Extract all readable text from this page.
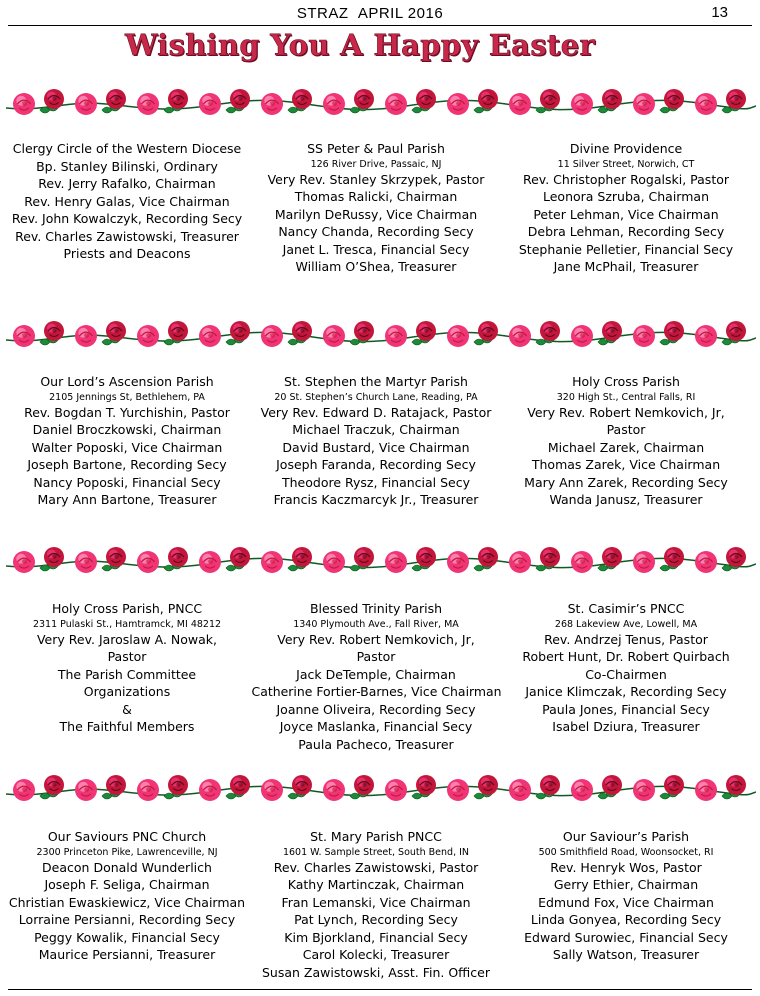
STRAZ APRIL 2016	13
Wishing You A Happy Easter
Clergy Circle of the Western Diocese
Bp. Stanley Bilinski, Ordinary
Rev. Jerry Rafalko, Chairman
Rev. Henry Galas, Vice Chairman
Rev. John Kowalczyk, Recording Secy
Rev. Charles Zawistowski, Treasurer
Priests and Deacons
SS Peter & Paul Parish
126 River Drive, Passaic, NJ
Very Rev. Stanley Skrzypek, Pastor
Thomas Ralicki, Chairman
Marilyn DeRussy, Vice Chairman
Nancy Chanda, Recording Secy
Janet L. Tresca, Financial Secy
William O’Shea, Treasurer
Divine Providence
11 Silver Street, Norwich, CT
Rev. Christopher Rogalski, Pastor
Leonora Szruba, Chairman
Peter Lehman, Vice Chairman
Debra Lehman, Recording Secy
Stephanie Pelletier, Financial Secy
Jane McPhail, Treasurer
Our Lord’s Ascension Parish
2105 Jennings St, Bethlehem, PA
Rev. Bogdan T. Yurchishin, Pastor
Daniel Broczkowski, Chairman
Walter Poposki, Vice Chairman
Joseph Bartone, Recording Secy
Nancy Poposki, Financial Secy
Mary Ann Bartone, Treasurer
St. Stephen the Martyr Parish
20 St. Stephen’s Church Lane, Reading, PA
Very Rev. Edward D. Ratajack, Pastor
Michael Traczuk, Chairman
David Bustard, Vice Chairman
Joseph Faranda, Recording Secy
Theodore Rysz, Financial Secy
Francis Kaczmarcyk Jr., Treasurer
Holy Cross Parish
320 High St., Central Falls, RI
Very Rev. Robert Nemkovich, Jr,
Pastor
Michael Zarek, Chairman
Thomas Zarek, Vice Chairman
Mary Ann Zarek, Recording Secy
Wanda Janusz, Treasurer
Holy Cross Parish, PNCC
2311 Pulaski St., Hamtramck, MI 48212
Very Rev. Jaroslaw A. Nowak,
Pastor
The Parish Committee
Organizations
&
The Faithful Members
Blessed Trinity Parish
1340 Plymouth Ave., Fall River, MA
Very Rev. Robert Nemkovich, Jr,
Pastor
Jack DeTemple, Chairman
Catherine Fortier-Barnes, Vice Chairman
Joanne Oliveira, Recording Secy
Joyce Maslanka, Financial Secy
Paula Pacheco, Treasurer
St. Casimir’s PNCC
268 Lakeview Ave, Lowell, MA
Rev. Andrzej Tenus, Pastor
Robert Hunt, Dr. Robert Quirbach
Co-Chairmen
Janice Klimczak, Recording Secy
Paula Jones, Financial Secy
Isabel Dziura, Treasurer
Our Saviours PNC Church
2300 Princeton Pike, Lawrenceville, NJ
Deacon Donald Wunderlich
Joseph F. Seliga, Chairman
Christian Ewaskiewicz, Vice Chairman
Lorraine Persianni, Recording Secy
Peggy Kowalik, Financial Secy
Maurice Persianni, Treasurer
St. Mary Parish PNCC
1601 W. Sample Street, South Bend, IN
Rev. Charles Zawistowski, Pastor
Kathy Martinczak, Chairman
Fran Lemanski, Vice Chairman
Pat Lynch, Recording Secy
Kim Bjorkland, Financial Secy
Carol Kolecki, Treasurer
Susan Zawistowski, Asst. Fin. Officer
Our Saviour’s Parish
500 Smithfield Road, Woonsocket, RI
Rev. Henryk Wos, Pastor
Gerry Ethier, Chairman
Edmund Fox, Vice Chairman
Linda Gonyea, Recording Secy
Edward Surowiec, Financial Secy
Sally Watson, Treasurer
